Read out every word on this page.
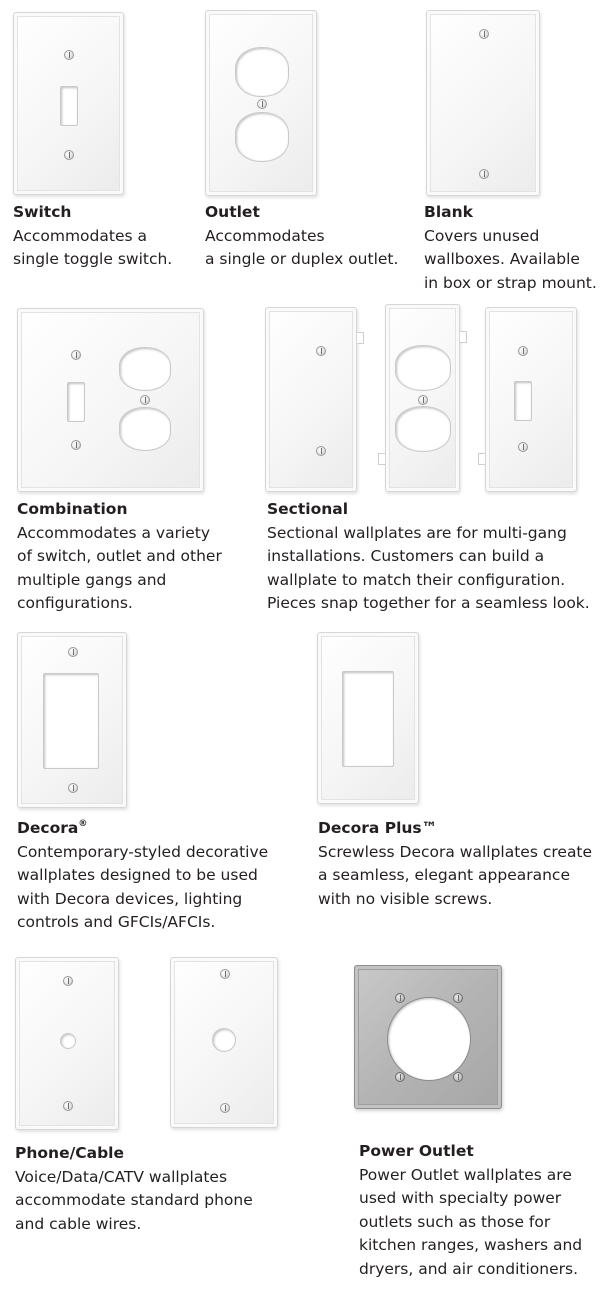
Switch
Accommodates a
single toggle switch.
Outlet
Accommodates
a single or duplex outlet.
Blank
Covers unused
wallboxes. Available
in box or strap mount.
Combination
Accommodates a variety
of switch, outlet and other
multiple gangs and
configurations.
Sectional
Sectional wallplates are for multi-gang
installations. Customers can build a
wallplate to match their configuration.
Pieces snap together for a seamless look.
Decora®
Contemporary-styled decorative
wallplates designed to be used
with Decora devices, lighting
controls and GFCIs/AFCIs.
Decora Plus™
Screwless Decora wallplates create
a seamless, elegant appearance
with no visible screws.
Phone/Cable
Voice/Data/CATV wallplates
accommodate standard phone
and cable wires.
Power Outlet
Power Outlet wallplates are
used with specialty power
outlets such as those for
kitchen ranges, washers and
dryers, and air conditioners.
